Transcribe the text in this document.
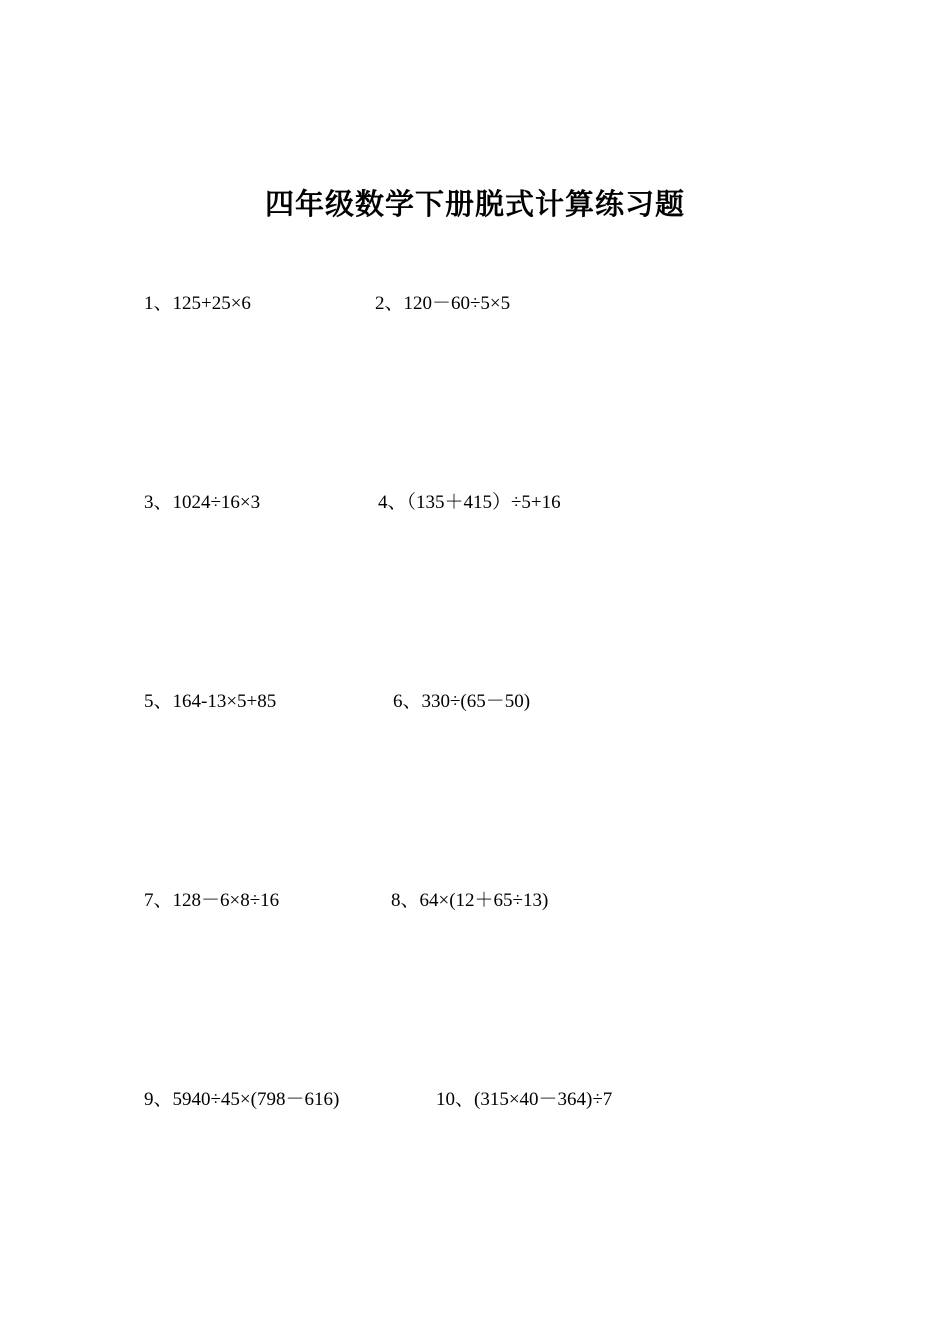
四年级数学下册脱式计算练习题
1、125+25×6	2、120－60÷5×5
3、1024÷16×3	4、（135＋415）÷5+16
5、164-13×5+85	6、330÷(65－50)
7、128－6×8÷16	8、64×(12＋65÷13)
9、5940÷45×(798－616)	10、(315×40－364)÷7
